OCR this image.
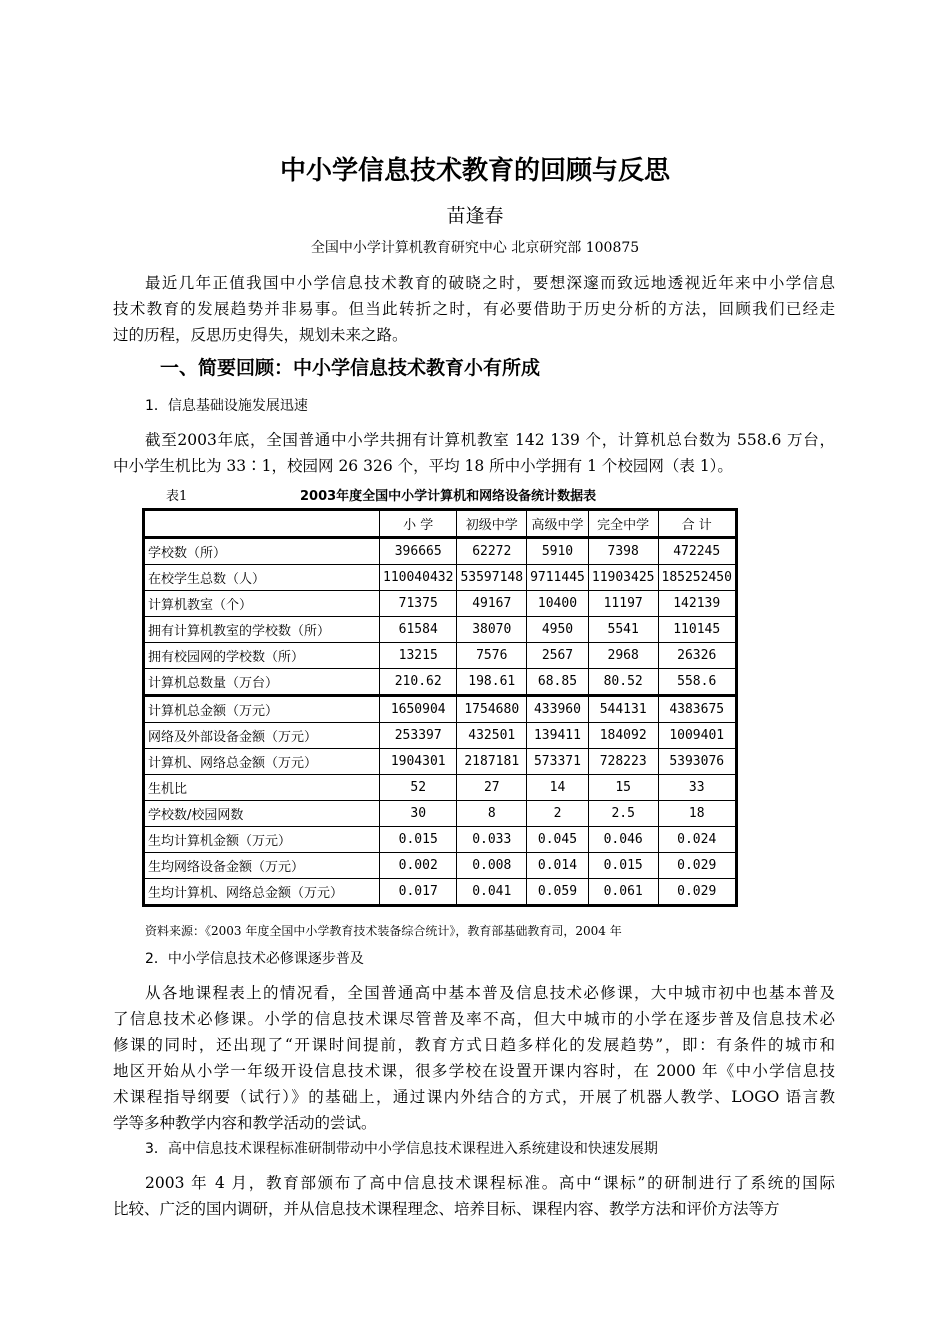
中小学信息技术教育的回顾与反思
苗逢春
全国中小学计算机教育研究中心 北京研究部 100875
最近几年正值我国中小学信息技术教育的破晓之时，要想深邃而致远地透视近年来中小学信息
技术教育的发展趋势并非易事。但当此转折之时，有必要借助于历史分析的方法，回顾我们已经走
过的历程，反思历史得失，规划未来之路。
一、简要回顾：中小学信息技术教育小有所成
1．信息基础设施发展迅速
截至2003年底，全国普通中小学共拥有计算机教室 142 139 个，计算机总台数为 558.6 万台，
中小学生机比为 33∶1，校园网 26 326 个，平均 18 所中小学拥有 1 个校园网（表 1）。
表1	2003年度全国中小学计算机和网络设备统计数据表
	小 学	初级中学	高级中学	完全中学	合 计
学校数（所）	396665	62272	5910	7398	472245
在校学生总数（人）	110040432	53597148	9711445	11903425	185252450
计算机教室（个）	71375	49167	10400	11197	142139
拥有计算机教室的学校数（所）	61584	38070	4950	5541	110145
拥有校园网的学校数（所）	13215	7576	2567	2968	26326
计算机总数量（万台）	210.62	198.61	68.85	80.52	558.6
计算机总金额（万元）	1650904	1754680	433960	544131	4383675
网络及外部设备金额（万元）	253397	432501	139411	184092	1009401
计算机、网络总金额（万元）	1904301	2187181	573371	728223	5393076
生机比	52	27	14	15	33
学校数/校园网数	30	8	2	2.5	18
生均计算机金额（万元）	0.015	0.033	0.045	0.046	0.024
生均网络设备金额（万元）	0.002	0.008	0.014	0.015	0.029
生均计算机、网络总金额（万元）	0.017	0.041	0.059	0.061	0.029
资料来源：《2003 年度全国中小学教育技术装备综合统计》，教育部基础教育司，2004 年
2．中小学信息技术必修课逐步普及
从各地课程表上的情况看，全国普通高中基本普及信息技术必修课，大中城市初中也基本普及
了信息技术必修课。小学的信息技术课尽管普及率不高，但大中城市的小学在逐步普及信息技术必
修课的同时，还出现了“开课时间提前，教育方式日趋多样化的发展趋势”，即：有条件的城市和
地区开始从小学一年级开设信息技术课，很多学校在设置开课内容时，在 2000 年《中小学信息技
术课程指导纲要（试行）》的基础上，通过课内外结合的方式，开展了机器人教学、LOGO 语言教
学等多种教学内容和教学活动的尝试。
3．高中信息技术课程标准研制带动中小学信息技术课程进入系统建设和快速发展期
2003 年 4 月，教育部颁布了高中信息技术课程标准。高中“课标”的研制进行了系统的国际
比较、广泛的国内调研，并从信息技术课程理念、培养目标、课程内容、教学方法和评价方法等方
